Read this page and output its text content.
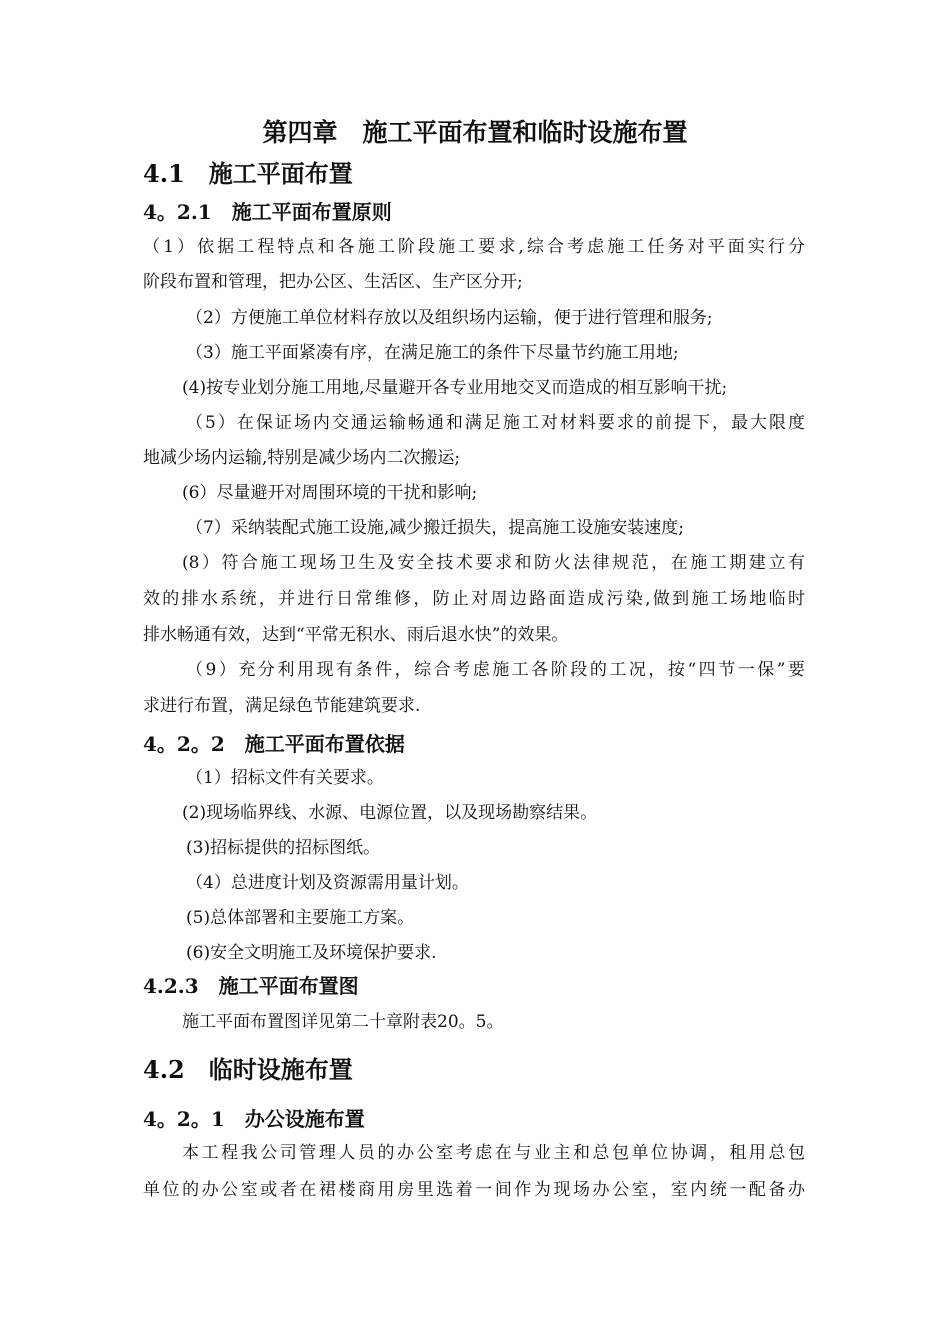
第四章　施工平面布置和临时设施布置
4.1　施工平面布置
4。2.1　施工平面布置原则

（1）依据工程特点和各施工阶段施工要求,综合考虑施工任务对平面实行分

阶段布置和管理，把办公区、生活区、生产区分开;

（2）方便施工单位材料存放以及组织场内运输，便于进行管理和服务;

（3）施工平面紧凑有序，在满足施工的条件下尽量节约施工用地;

(4)按专业划分施工用地,尽量避开各专业用地交叉而造成的相互影响干扰;

（5）在保证场内交通运输畅通和满足施工对材料要求的前提下，最大限度

地减少场内运输,特别是减少场内二次搬运;

(6）尽量避开对周围环境的干扰和影响;

（7）采纳装配式施工设施,减少搬迁损失，提高施工设施安装速度;

(8）符合施工现场卫生及安全技术要求和防火法律规范，在施工期建立有

效的排水系统，并进行日常维修，防止对周边路面造成污染,做到施工场地临时

排水畅通有效，达到“平常无积水、雨后退水快”的效果。

（9）充分利用现有条件，综合考虑施工各阶段的工况，按“四节一保”要

求进行布置，满足绿色节能建筑要求.

4。2。2　施工平面布置依据

（1）招标文件有关要求。

(2)现场临界线、水源、电源位置，以及现场勘察结果。

(3)招标提供的招标图纸。

（4）总进度计划及资源需用量计划。

(5)总体部署和主要施工方案。

(6)安全文明施工及环境保护要求.

4.2.3　施工平面布置图

施工平面布置图详见第二十章附表20。5。

4.2　临时设施布置
4。2。1　办公设施布置

本工程我公司管理人员的办公室考虑在与业主和总包单位协调，租用总包

单位的办公室或者在裙楼商用房里选着一间作为现场办公室，室内统一配备办
